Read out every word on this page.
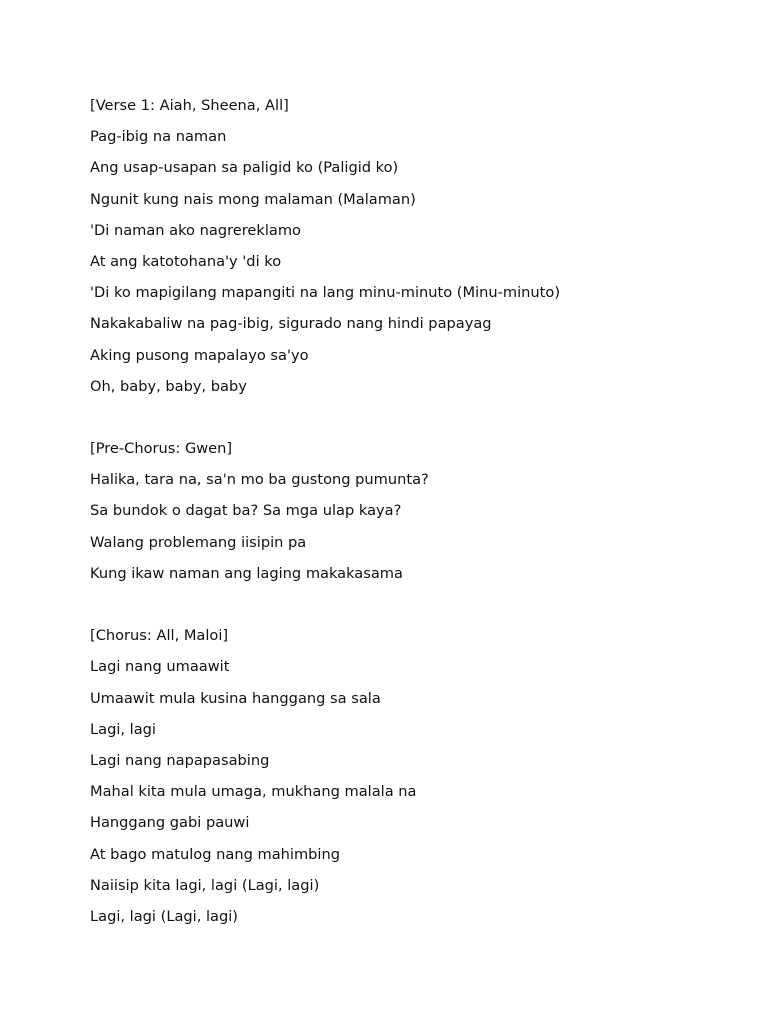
[Verse 1: Aiah, Sheena, All]
Pag-ibig na naman
Ang usap-usapan sa paligid ko (Paligid ko)
Ngunit kung nais mong malaman (Malaman)
'Di naman ako nagrereklamo
At ang katotohana'y 'di ko
'Di ko mapigilang mapangiti na lang minu-minuto (Minu-minuto)
Nakakabaliw na pag-ibig, sigurado nang hindi papayag
Aking pusong mapalayo sa'yo
Oh, baby, baby, baby
[Pre-Chorus: Gwen]
Halika, tara na, sa'n mo ba gustong pumunta?
Sa bundok o dagat ba? Sa mga ulap kaya?
Walang problemang iisipin pa
Kung ikaw naman ang laging makakasama
[Chorus: All, Maloi]
Lagi nang umaawit
Umaawit mula kusina hanggang sa sala
Lagi, lagi
Lagi nang napapasabing
Mahal kita mula umaga, mukhang malala na
Hanggang gabi pauwi
At bago matulog nang mahimbing
Naiisip kita lagi, lagi (Lagi, lagi)
Lagi, lagi (Lagi, lagi)
